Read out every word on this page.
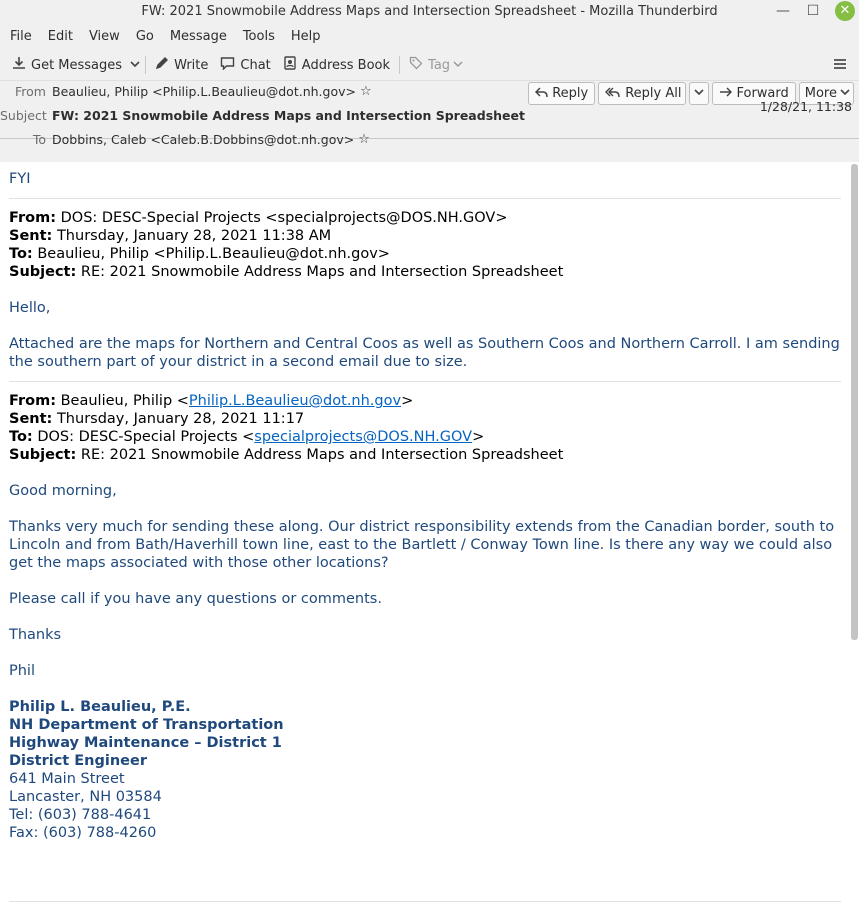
FW: 2021 Snowmobile Address Maps and Intersection Spreadsheet - Mozilla Thunderbird	— ☐	✕
File	Edit	View	Go	Message	Tools	Help
Get Messages	Write Chat Address Book	Tag
From Beaulieu, Philip <Philip.L.Beaulieu@dot.nh.gov> ☆
Subject FW: 2021 Snowmobile Address Maps and Intersection Spreadsheet
To Dobbins, Caleb <Caleb.B.Dobbins@dot.nh.gov> ☆
Reply	Reply All	Forward More
1/28/21, 11:38
FYI
From: DOS: DESC-Special Projects <specialprojects@DOS.NH.GOV>
Sent: Thursday, January 28, 2021 11:38 AM
To: Beaulieu, Philip <Philip.L.Beaulieu@dot.nh.gov>
Subject: RE: 2021 Snowmobile Address Maps and Intersection Spreadsheet
Hello,
Attached are the maps for Northern and Central Coos as well as Southern Coos and Northern Carroll. I am sending the southern part of your district in a second email due to size.
From: Beaulieu, Philip <Philip.L.Beaulieu@dot.nh.gov>
Sent: Thursday, January 28, 2021 11:17
To: DOS: DESC-Special Projects <specialprojects@DOS.NH.GOV>
Subject: RE: 2021 Snowmobile Address Maps and Intersection Spreadsheet
Good morning,
Thanks very much for sending these along. Our district responsibility extends from the Canadian border, south to Lincoln and from Bath/Haverhill town line, east to the Bartlett / Conway Town line. Is there any way we could also get the maps associated with those other locations?
Please call if you have any questions or comments.
Thanks
Phil
Philip L. Beaulieu, P.E.
NH Department of Transportation
Highway Maintenance – District 1
District Engineer
641 Main Street
Lancaster, NH 03584
Tel: (603) 788-4641
Fax: (603) 788-4260
